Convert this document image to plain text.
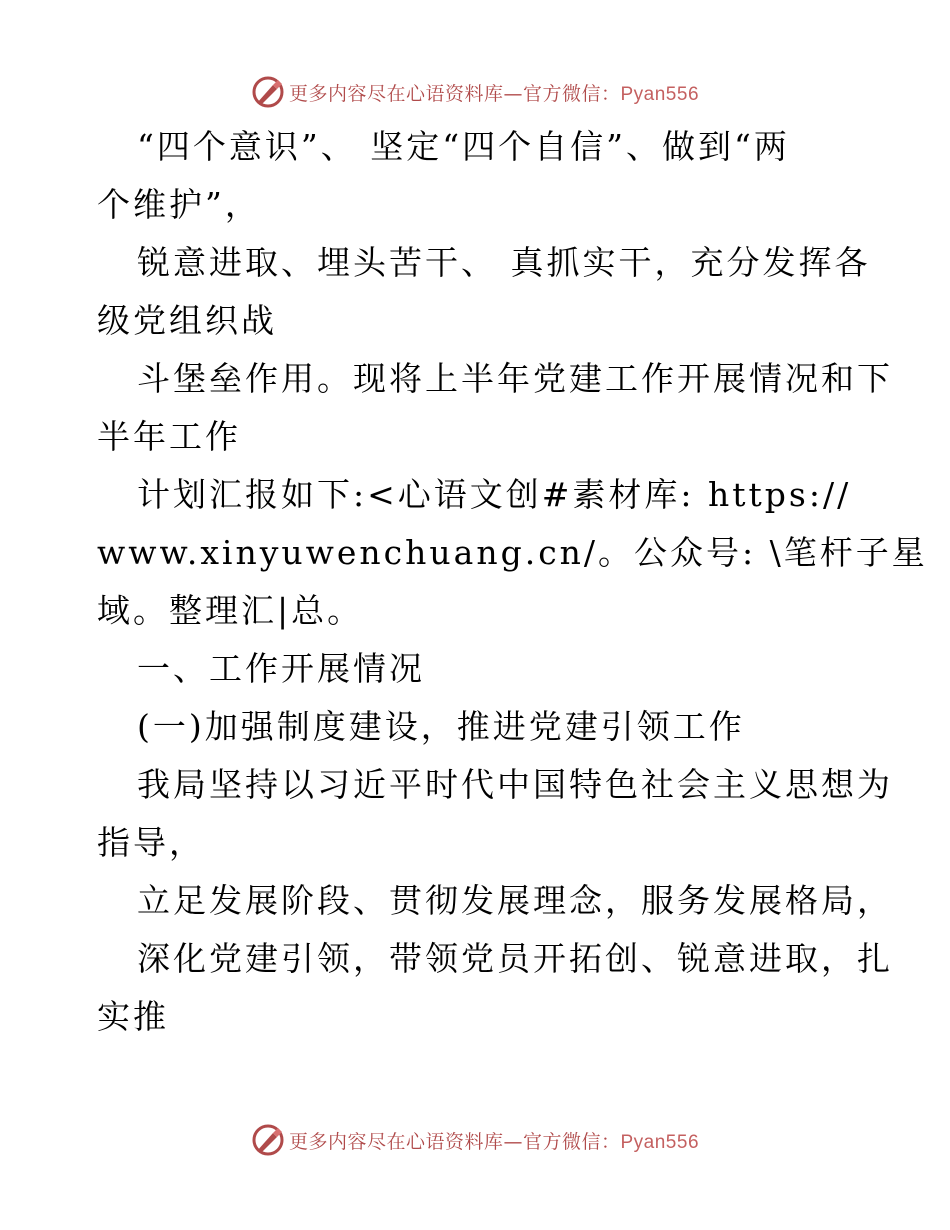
更多内容尽在心语资料库—官方微信：Pyan556
“四个意识”、 坚定“四个自信”、做到“两
个维护”，
锐意进取、埋头苦干、 真抓实干，充分发挥各
级党组织战
斗堡垒作用。现将上半年党建工作开展情况和下
半年工作
计划汇报如下:<心语文创#素材库: https://
www.xinyuwenchuang.cn/。公众号: \笔杆子星
域。整理汇|总。
一、工作开展情况
(一)加强制度建设，推进党建引领工作
我局坚持以习近平时代中国特色社会主义思想为
指导，
立足发展阶段、贯彻发展理念，服务发展格局，
深化党建引领，带领党员开拓创、锐意进取，扎
实推
更多内容尽在心语资料库—官方微信：Pyan556
